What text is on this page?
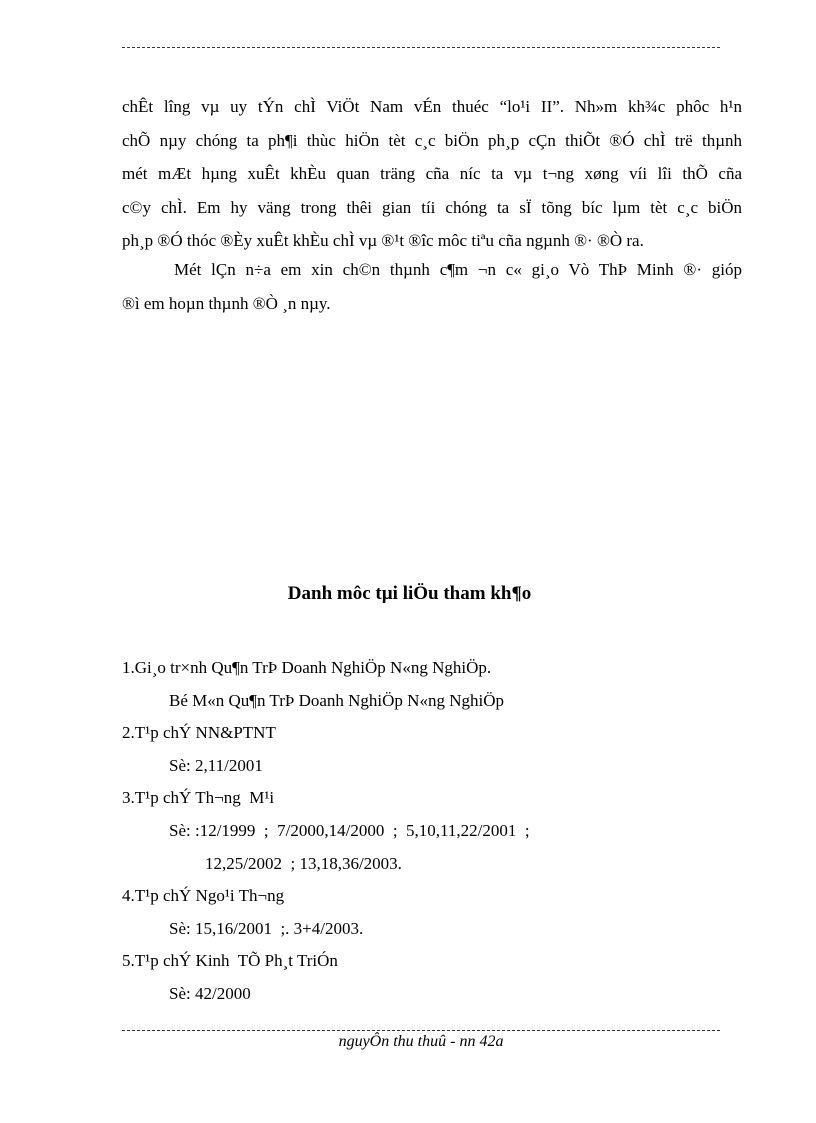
chÊt lîng vµ uy tÝn chÌ ViÖt Nam vÉn thuéc “lo¹i II”. Nh»m kh¾c phôc h¹n
chÕ nµy chóng ta ph¶i thùc hiÖn tèt c¸c biÖn ph¸p cÇn thiÕt ®Ó chÌ trë thµnh
mét mÆt hµng xuÊt khÈu quan träng cña níc ta vµ t¬ng xøng víi lîi thÕ cña
c©y chÌ. Em hy väng trong thêi gian tíi chóng ta sÏ tõng bíc lµm tèt c¸c biÖn
ph¸p ®Ó thóc ®Èy xuÊt khÈu chÌ vµ ®¹t ®îc môc tiªu cña ngµnh ®· ®Ò ra.

Mét lÇn n÷a em xin ch©n thµnh c¶m ¬n c« gi¸o Vò ThÞ Minh ®· gióp
®ì em hoµn thµnh ®Ò ¸n nµy.

Danh môc tµi liÖu tham kh¶o
1.Gi¸o tr×nh Qu¶n TrÞ Doanh NghiÖp N«ng NghiÖp.
Bé M«n Qu¶n TrÞ Doanh NghiÖp N«ng NghiÖp
2.T¹p chÝ NN&PTNT
Sè: 2,11/2001
3.T¹p chÝ Th¬ng  M¹i
Sè: :12/1999  ;  7/2000,14/2000  ;  5,10,11,22/2001  ;
12,25/2002  ; 13,18,36/2003.
4.T¹p chÝ Ngo¹i Th¬ng
Sè: 15,16/2001  ;. 3+4/2003.
5.T¹p chÝ Kinh  TÕ Ph¸t TriÓn
Sè: 42/2000
nguyÔn thu thuû - nn 42a
